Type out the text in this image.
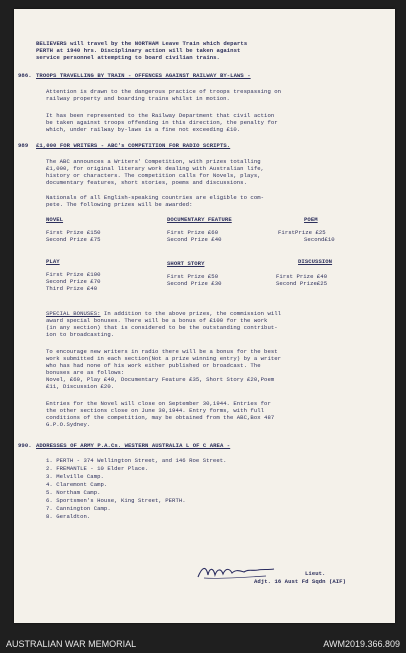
BELIEVERS will travel by the NORTHAM Leave Train which departs
PERTH at 1940 hrs. Disciplinary action will be taken against
service personnel attempting to board civilian trains.
986. TROOPS TRAVELLING BY TRAIN - OFFENCES AGAINST RAILWAY BY-LAWS -
Attention is drawn to the dangerous practice of troops trespassing on
railway property and boarding trains whilst in motion.
It has been represented to the Railway Department that civil action
be taken against troops offending in this direction, the penalty for
which, under railway by-laws is a fine not exceeding £10.
989 £1,000 FOR WRITERS - ABC's COMPETITION FOR RADIO SCRIPTS.
The ABC announces a Writers' Competition, with prizes totalling
£1,000, for original literary work dealing with Australian life,
history or characters. The competition calls for Novels, plays,
documentary features, short stories, poems and discussions.
Nationals of all English-speaking countries are eligible to com-
pete. The following prizes will be awarded:
NOVEL
First Prize £150
Second Prize £75
DOCUMENTARY FEATURE
First Prize £60
Second Prize £40
POEM
FirstPrize £25
Second£10
PLAY
First Prize £100
Second Prize £70
Third Prize £40
SHORT STORY
First Prize £50
Second Prize £30
DISCUSSION
First Prize £40
Second Prize£25
SPECIAL BONUSES: In addition to the above prizes, the commission will
award special bonuses. There will be a bonus of £100 for the work
(in any section) that is considered to be the outstanding contribut-
ion to broadcasting.
To encourage new writers in radio there will be a bonus for the best
work submitted in each section(Not a prize winning entry) by a writer
who has had none of his work either published or broadcast. The
bonuses are as follows:
Novel, £60, Play £40, Documentary Feature £35, Short Story £20,Poem
£11, Discussion £20.
Entries for the Novel will close on September 30,1944. Entries for
the other sections close on June 30,1944. Entry forms, with full
conditions of the competition, may be obtained from the ABC,Box 487
G.P.O.Sydney.
990. ADDRESSES OF ARMY P.A.Cs. WESTERN AUSTRALIA L OF C AREA -
1. PERTH - 374 Wellington Street, and 146 Roe Street.
2. FREMANTLE - 10 Elder Place.
3. Melville Camp.
4. Claremont Camp.
5. Northam Camp.
6. Sportsmen's House, King Street, PERTH.
7. Cannington Camp.
8. Geraldton.
Lieut.
Adjt. 16 Aust Fd Sqdn (AIF)
AUSTRALIAN WAR MEMORIAL	AWM2019.366.809
